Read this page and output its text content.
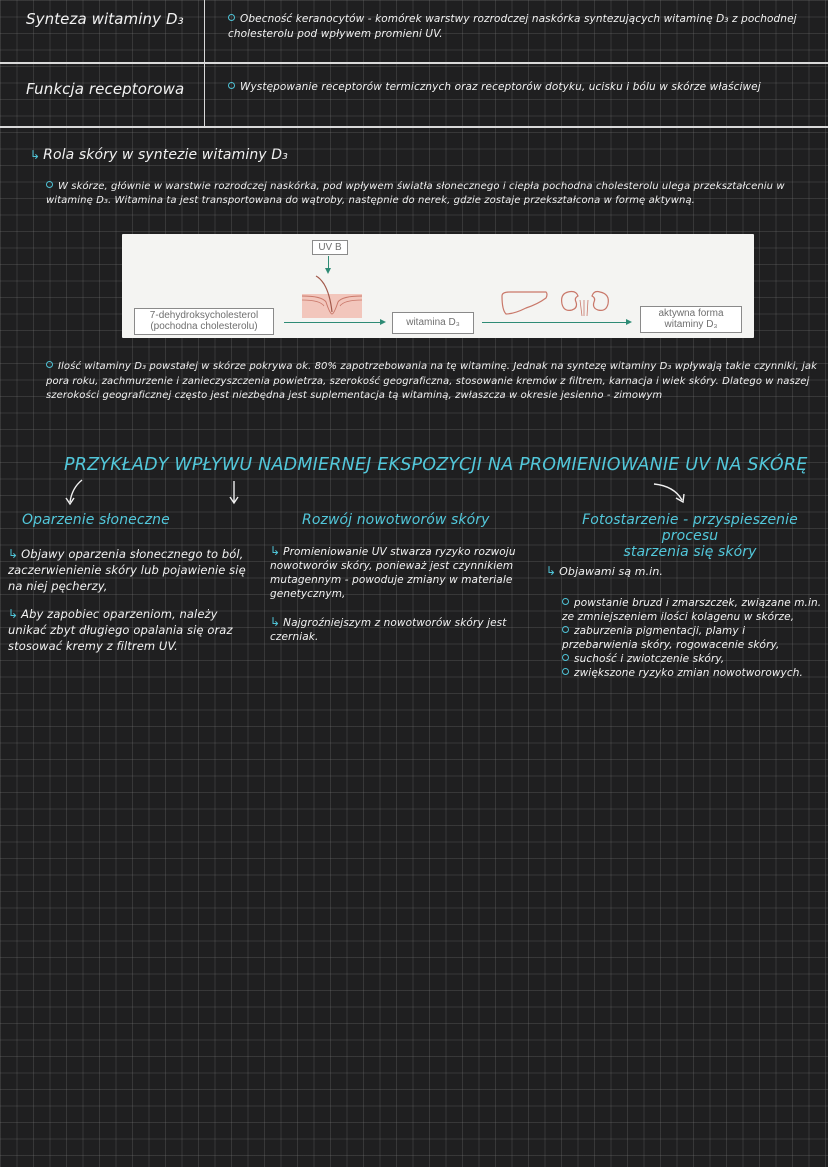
Synteza witaminy D₃	Obecność keranocytów - komórek warstwy rozrodczej naskórka syntezujących witaminę D₃ z pochodnej cholesterolu pod wpływem promieni UV.
Funkcja receptorowa	Występowanie receptorów termicznych oraz receptorów dotyku, ucisku i bólu w skórze właściwej
↳ Rola skóry w syntezie witaminy D₃
W skórze, głównie w warstwie rozrodczej naskórka, pod wpływem światła słonecznego i ciepła pochodna cholesterolu ulega przekształceniu w witaminę D₃. Witamina ta jest transportowana do wątroby, następnie do nerek, gdzie zostaje przekształcona w formę aktywną.
UV B
7-dehydroksycholesterol
(pochodna cholesterolu)	witamina D₃
aktywna forma
witaminy D₃
Ilość witaminy D₃ powstałej w skórze pokrywa ok. 80% zapotrzebowania na tę witaminę. Jednak na syntezę witaminy D₃ wpływają takie czynniki, jak pora roku, zachmurzenie i zanieczyszczenia powietrza, szerokość geograficzna, stosowanie kremów z filtrem, karnacja i wiek skóry. Dlatego w naszej szerokości geograficznej często jest niezbędna jest suplementacja tą witaminą, zwłaszcza w okresie jesienno - zimowym
PRZYKŁADY WPŁYWU NADMIERNEJ EKSPOZYCJI NA PROMIENIOWANIE UV NA SKÓRĘ
Oparzenie słoneczne

↳ Objawy oparzenia słonecznego to ból, zaczerwienienie skóry lub pojawienie się na niej pęcherzy,

↳ Aby zapobiec oparzeniom, należy unikać zbyt długiego opalania się oraz stosować kremy z filtrem UV.

Rozwój nowotworów skóry

↳ Promieniowanie UV stwarza ryzyko rozwoju nowotworów skóry, ponieważ jest czynnikiem mutagennym - powoduje zmiany w materiale genetycznym,

↳ Najgroźniejszym z nowotworów skóry jest czerniak.

Fotostarzenie - przyspieszenie procesu
starzenia się skóry
↳ Objawami są m.in.
powstanie bruzd i zmarszczek, związane m.in. ze zmniejszeniem ilości kolagenu w skórze,
zaburzenia pigmentacji, plamy i przebarwienia skóry, rogowacenie skóry,
suchość i zwiotczenie skóry,
zwiększone ryzyko zmian nowotworowych.
